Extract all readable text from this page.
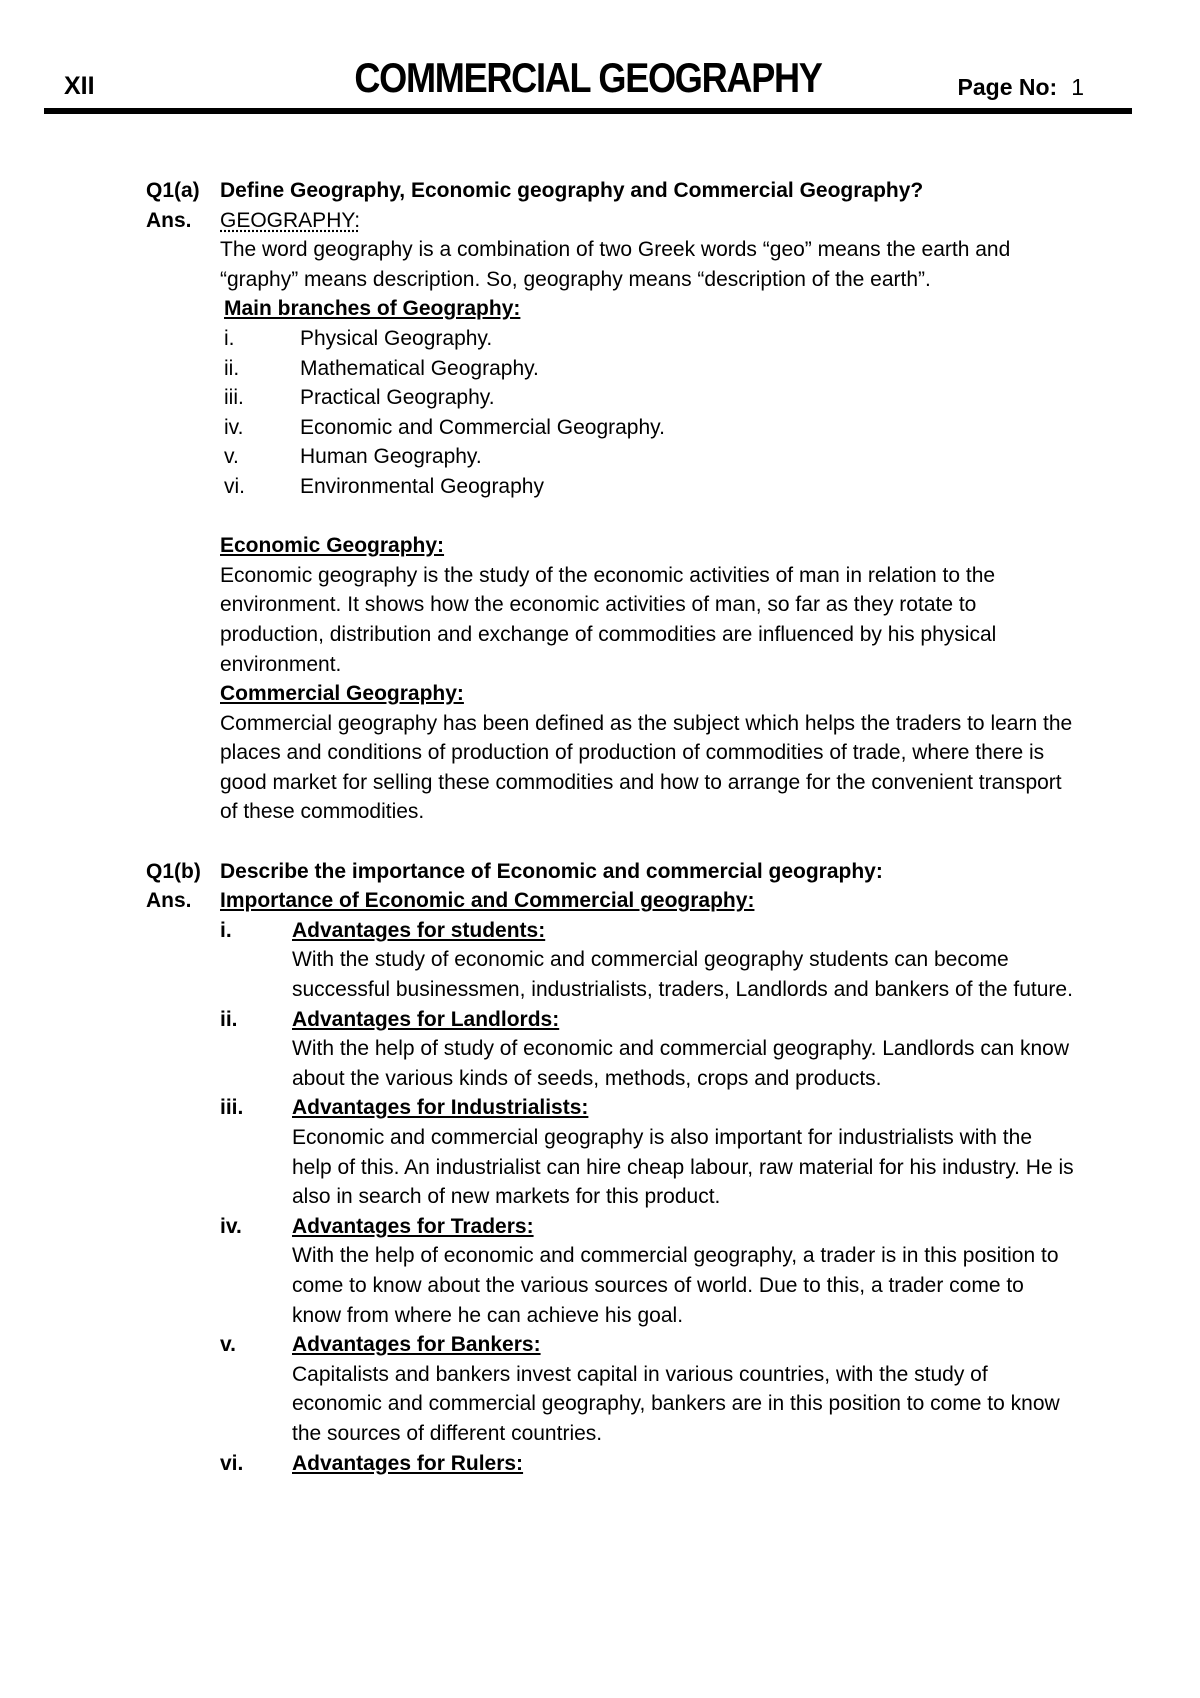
XII	COMMERCIAL GEOGRAPHY	Page No: 1
Q1(a) Define Geography, Economic geography and Commercial Geography?
Ans.	GEOGRAPHY:
The word geography is a combination of two Greek words “geo” means the earth and “graphy” means description. So, geography means “description of the earth”.
Main branches of Geography:
i.	Physical Geography.
ii.	Mathematical Geography.
iii.	Practical Geography.
iv.	Economic and Commercial Geography.
v.	Human Geography.
vi.	Environmental Geography
Economic Geography:
Economic geography is the study of the economic activities of man in relation to the environment. It shows how the economic activities of man, so far as they rotate to production, distribution and exchange of commodities are influenced by his physical environment.
Commercial Geography:
Commercial geography has been defined as the subject which helps the traders to learn the places and conditions of production of production of commodities of trade, where there is good market for selling these commodities and how to arrange for the convenient transport of these commodities.
Q1(b) Describe the importance of Economic and commercial geography:
Ans.	Importance of Economic and Commercial geography:
i.	Advantages for students:
With the study of economic and commercial geography students can become successful businessmen, industrialists, traders, Landlords and bankers of the future.
ii.	Advantages for Landlords:
With the help of study of economic and commercial geography. Landlords can know about the various kinds of seeds, methods, crops and products.
iii.	Advantages for Industrialists:
Economic and commercial geography is also important for industrialists with the help of this. An industrialist can hire cheap labour, raw material for his industry. He is also in search of new markets for this product.
iv.	Advantages for Traders:
With the help of economic and commercial geography, a trader is in this position to come to know about the various sources of world. Due to this, a trader come to know from where he can achieve his goal.
v.	Advantages for Bankers:
Capitalists and bankers invest capital in various countries, with the study of economic and commercial geography, bankers are in this position to come to know the sources of different countries.
vi.	Advantages for Rulers:
